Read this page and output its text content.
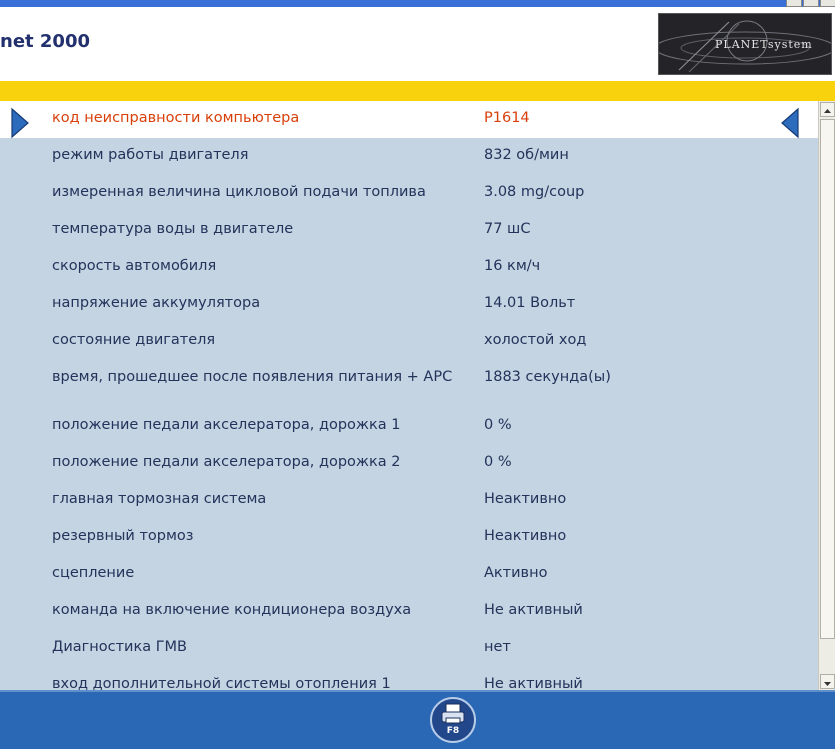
net 2000	PLANETsystem
код неисправности компьютера	P1614
режим работы двигателя	832 об/мин
измеренная величина цикловой подачи топлива	3.08 mg/coup
температура воды в двигателе	77 шС
скорость автомобиля	16 км/ч
напряжение аккумулятора	14.01 Вольт
состояние двигателя	холостой ход
время, прошедшее после появления питания + APC	1883 секунда(ы)
положение педали акселератора, дорожка 1	0 %
положение педали акселератора, дорожка 2	0 %
главная тормозная система	Неактивно
резервный тормоз	Неактивно
сцепление	Активно
команда на включение кондиционера воздуха	Не активный
Диагностика ГМВ	нет
вход дополнительной системы отопления 1	Не активный
F8
